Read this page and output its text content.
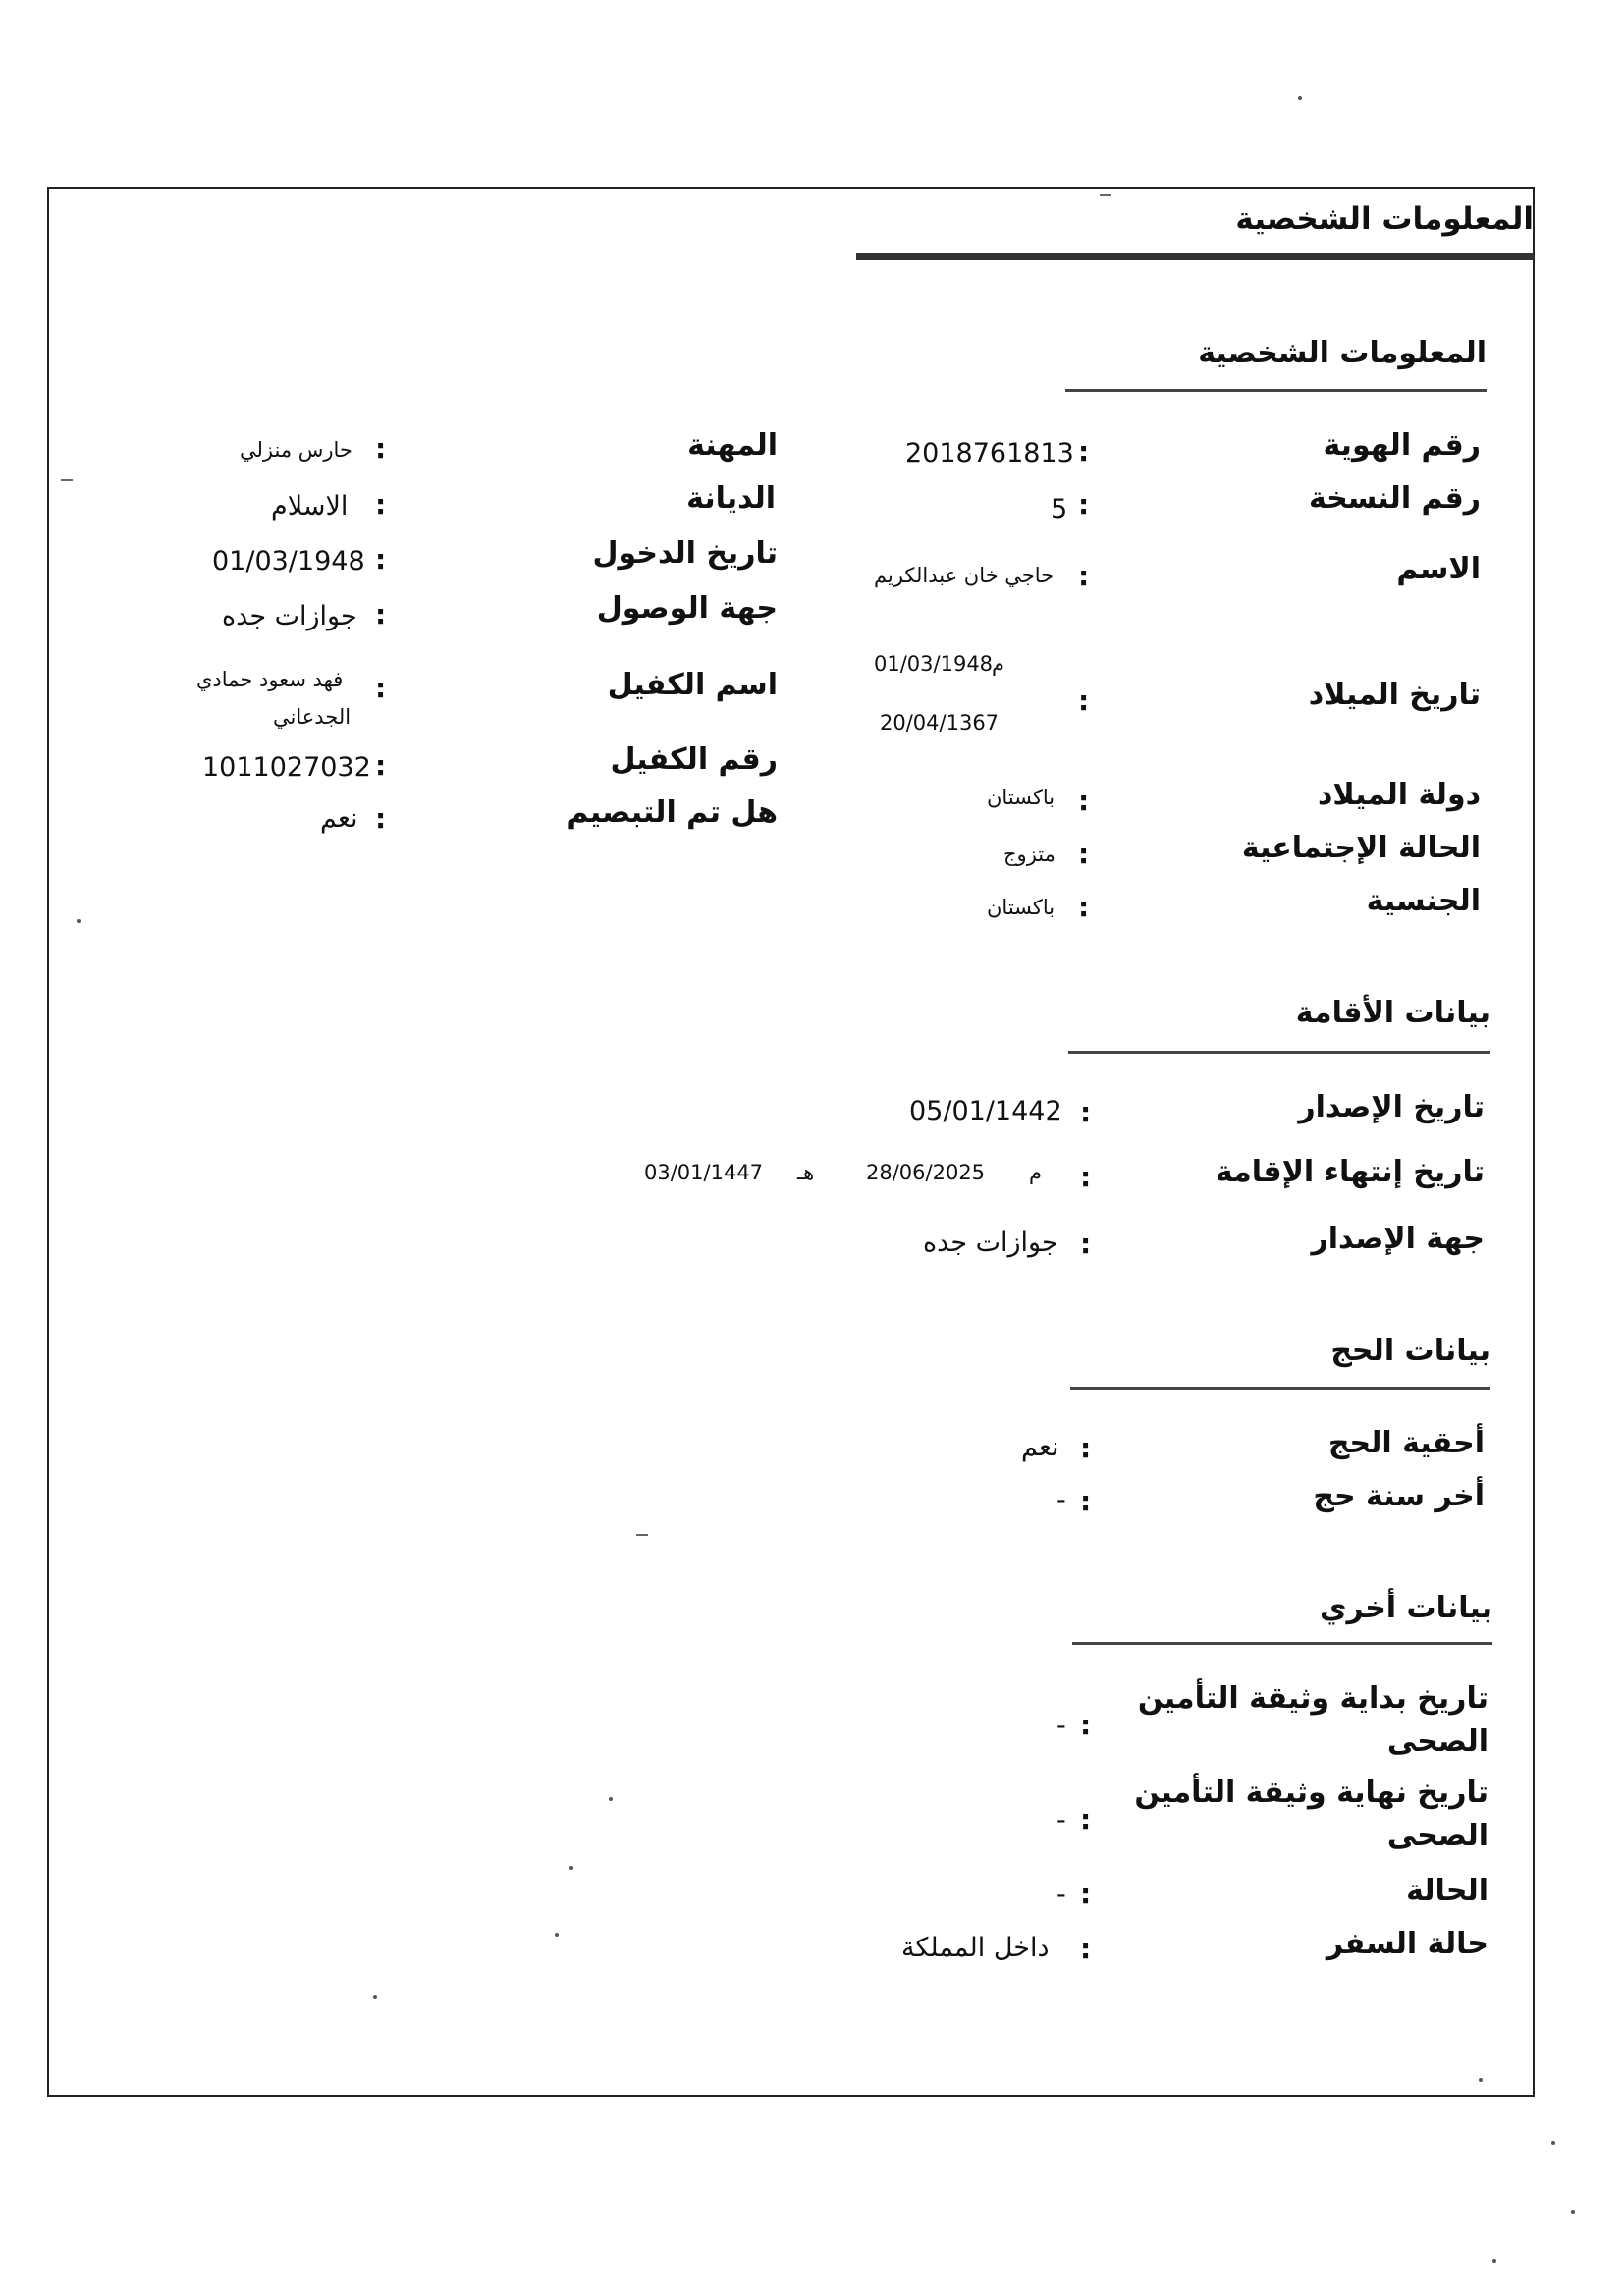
المعلومات الشخصية
المعلومات الشخصية
رقم الهوية
:
2018761813
رقم النسخة
:
5
الاسم
:
حاجي خان عبدالكريم
م
01/03/1948
تاريخ الميلاد
:
20/04/1367
دولة الميلاد
:
باكستان
الحالة الإجتماعية
:
متزوج
الجنسية
:
باكستان
المهنة
:
حارس منزلي
الديانة
:
الاسلام
تاريخ الدخول
:
01/03/1948
جهة الوصول
:
جوازات جده
اسم الكفيل
:
فهد سعود حمادي
الجدعاني
رقم الكفيل
:
1011027032
هل تم التبصيم
:
نعم
بيانات الأقامة
تاريخ الإصدار
:
05/01/1442
تاريخ إنتهاء الإقامة
:
م
28/06/2025
هـ
03/01/1447
جهة الإصدار
:
جوازات جده
بيانات الحج
أحقية الحج
:
نعم
أخر سنة حج
:
-
بيانات أخري
تاريخ بداية وثيقة التأمين
الصحى
:
-
تاريخ نهاية وثيقة التأمين
الصحى
:
-
الحالة
:
-
حالة السفر
:
داخل المملكة
